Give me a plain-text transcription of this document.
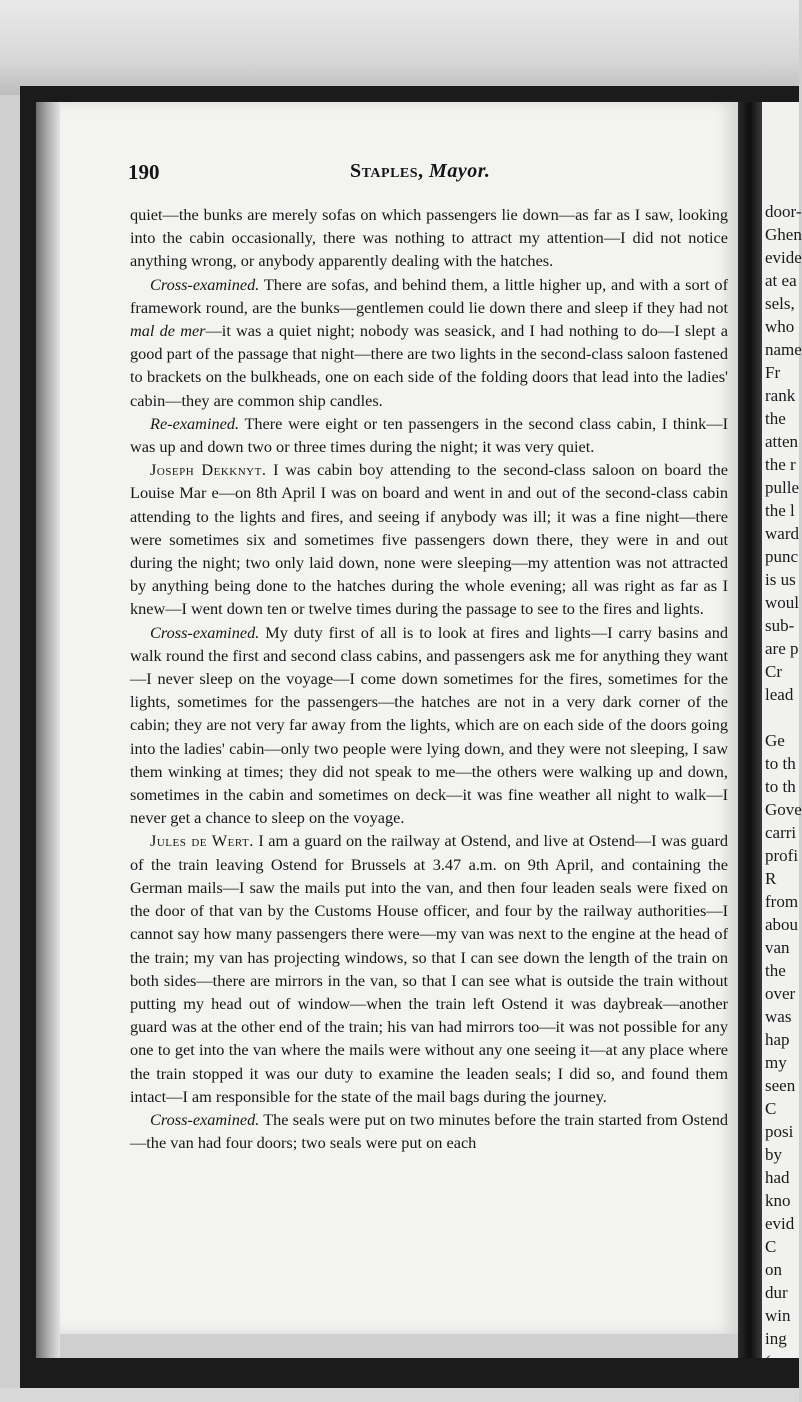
door-
Ghen
evide
at ea
sels,
who
name
Fr
rank
the
atten
the r
pulle
the l
ward
punc
is us
woul
sub-
are p
Cr
lead
Ge
to th
to th
Gove
carri
profi
R
from
abou
van
the
over
was
hap
my
seen
C
posi
by
had
kno
evid
C
on
dur
win
ing
190	Staples, Mayor.

quiet—the bunks are merely sofas on which passengers lie down—as far as I saw, looking into the cabin occasionally, there was nothing to attract my attention—I did not notice anything wrong, or anybody apparently dealing with the hatches.

Cross-examined. There are sofas, and behind them, a little higher up, and with a sort of framework round, are the bunks—gentlemen could lie down there and sleep if they had not mal de mer—it was a quiet night; nobody was seasick, and I had nothing to do—I slept a good part of the passage that night—there are two lights in the second-class saloon fastened to brackets on the bulkheads, one on each side of the folding doors that lead into the ladies' cabin—they are common ship candles.

Re-examined. There were eight or ten passengers in the second class cabin, I think—I was up and down two or three times during the night; it was very quiet.

Joseph Dekknyt. I was cabin boy attending to the second-class saloon on board the Louise Mar e—on 8th April I was on board and went in and out of the second-class cabin attending to the lights and fires, and seeing if anybody was ill; it was a fine night—there were sometimes six and sometimes five passengers down there, they were in and out during the night; two only laid down, none were sleeping—my attention was not attracted by anything being done to the hatches during the whole evening; all was right as far as I knew—I went down ten or twelve times during the passage to see to the fires and lights.

Cross-examined. My duty first of all is to look at fires and lights—I carry basins and walk round the first and second class cabins, and passengers ask me for anything they want—I never sleep on the voyage—I come down sometimes for the fires, sometimes for the lights, sometimes for the passengers—the hatches are not in a very dark corner of the cabin; they are not very far away from the lights, which are on each side of the doors going into the ladies' cabin—only two people were lying down, and they were not sleeping, I saw them winking at times; they did not speak to me—the others were walking up and down, sometimes in the cabin and sometimes on deck—it was fine weather all night to walk—I never get a chance to sleep on the voyage.

Jules de Wert. I am a guard on the railway at Ostend, and live at Ostend—I was guard of the train leaving Ostend for Brussels at 3.47 a.m. on 9th April, and containing the German mails—I saw the mails put into the van, and then four leaden seals were fixed on the door of that van by the Customs House officer, and four by the railway authorities—I cannot say how many passengers there were—my van was next to the engine at the head of the train; my van has projecting windows, so that I can see down the length of the train on both sides—there are mirrors in the van, so that I can see what is outside the train without putting my head out of window—when the train left Ostend it was daybreak—another guard was at the other end of the train; his van had mirrors too—it was not possible for any one to get into the van where the mails were without any one seeing it—at any place where the train stopped it was our duty to examine the leaden seals; I did so, and found them intact—I am responsible for the state of the mail bags during the journey.

Cross-examined. The seals were put on two minutes before the train started from Ostend—the van had four doors; two seals were put on each
